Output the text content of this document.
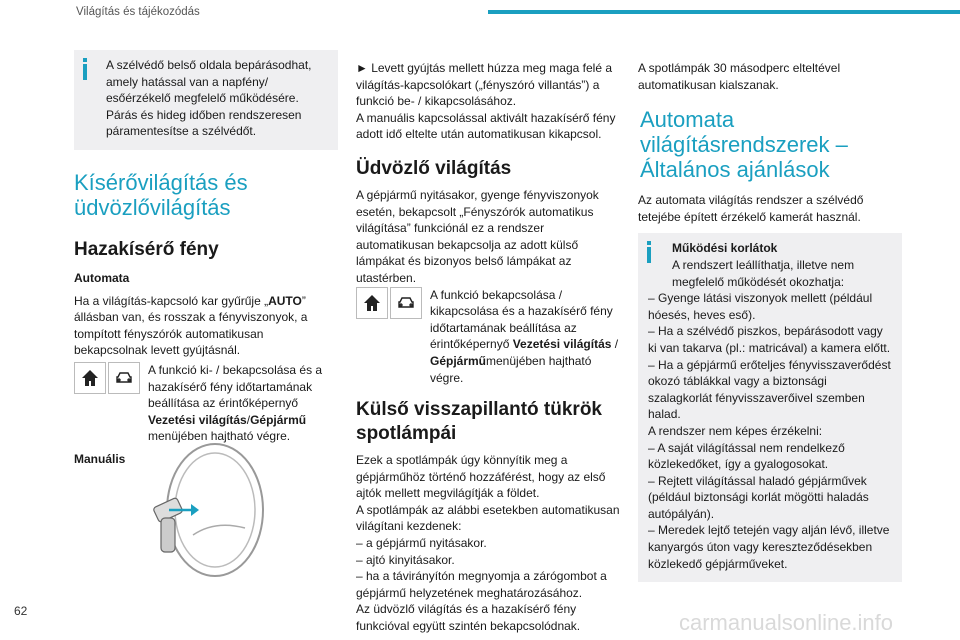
Világítás és tájékozódás

A szélvédő belső oldala bepárásodhat, amely hatással van a napfény/ esőérzékelő megfelelő működésére. Párás és hideg időben rendszeresen páramentesítse a szélvédőt.

Kísérővilágítás és üdvözlővilágítás
Hazakísérő fény

Automata

Ha a világítás-kapcsoló kar gyűrűje „AUTO” állásban van, és rosszak a fényviszonyok, a tompított fényszórók automatikusan bekapcsolnak levett gyújtásnál.

A funkció ki- / bekapcsolása és a hazakísérő fény időtartamának beállítása az érintőképernyő Vezetési világítás/Gépjármű menüjében hajtható végre.

Manuális

► Levett gyújtás mellett húzza meg maga felé a világítás-kapcsolókart („fényszóró villantás”) a funkció be- / kikapcsolásához.

A manuális kapcsolással aktivált hazakísérő fény adott idő eltelte után automatikusan kikapcsol.

Üdvözlő világítás

A gépjármű nyitásakor, gyenge fényviszonyok esetén, bekapcsolt „Fényszórók automatikus világítása” funkciónál ez a rendszer automatikusan bekapcsolja az adott külső lámpákat és bizonyos belső lámpákat az utastérben.

A funkció bekapcsolása / kikapcsolása és a hazakísérő fény időtartamának beállítása az érintőképernyő Vezetési világítás / Gépjárműmenüjében hajtható végre.

Külső visszapillantó tükrök spotlámpái

Ezek a spotlámpák úgy könnyítik meg a gépjárműhöz történő hozzáférést, hogy az első ajtók mellett megvilágítják a földet.

A spotlámpák az alábbi esetekben automatikusan világítani kezdenek:

– a gépjármű nyitásakor.

– ajtó kinyitásakor.

– ha a távirányítón megnyomja a zárógombot a gépjármű helyzetének meghatározásához.

Az üdvözlő világítás és a hazakísérő fény funkcióval együtt szintén bekapcsolódnak.

A spotlámpák 30 másodperc elteltével automatikusan kialszanak.

Automata világításrendszerek – Általános ajánlások

Az automata világítás rendszer a szélvédő tetejébe épített érzékelő kamerát használ.

Működési korlátok

A rendszert leállíthatja, illetve nem megfelelő működését okozhatja:

– Gyenge látási viszonyok mellett (például hóesés, heves eső).

– Ha a szélvédő piszkos, bepárásodott vagy ki van takarva (pl.: matricával) a kamera előtt.

– Ha a gépjármű erőteljes fényvisszaverődést okozó táblákkal vagy a biztonsági szalagkorlát fényvisszaverőivel szemben halad.

A rendszer nem képes érzékelni:

– A saját világítással nem rendelkező közlekedőket, így a gyalogosokat.

– Rejtett világítással haladó gépjárművek (például biztonsági korlát mögötti haladás autópályán).

– Meredek lejtő tetején vagy alján lévő, illetve kanyargós úton vagy kereszteződésekben közlekedő gépjárműveket.

62	carmanualsonline.info
